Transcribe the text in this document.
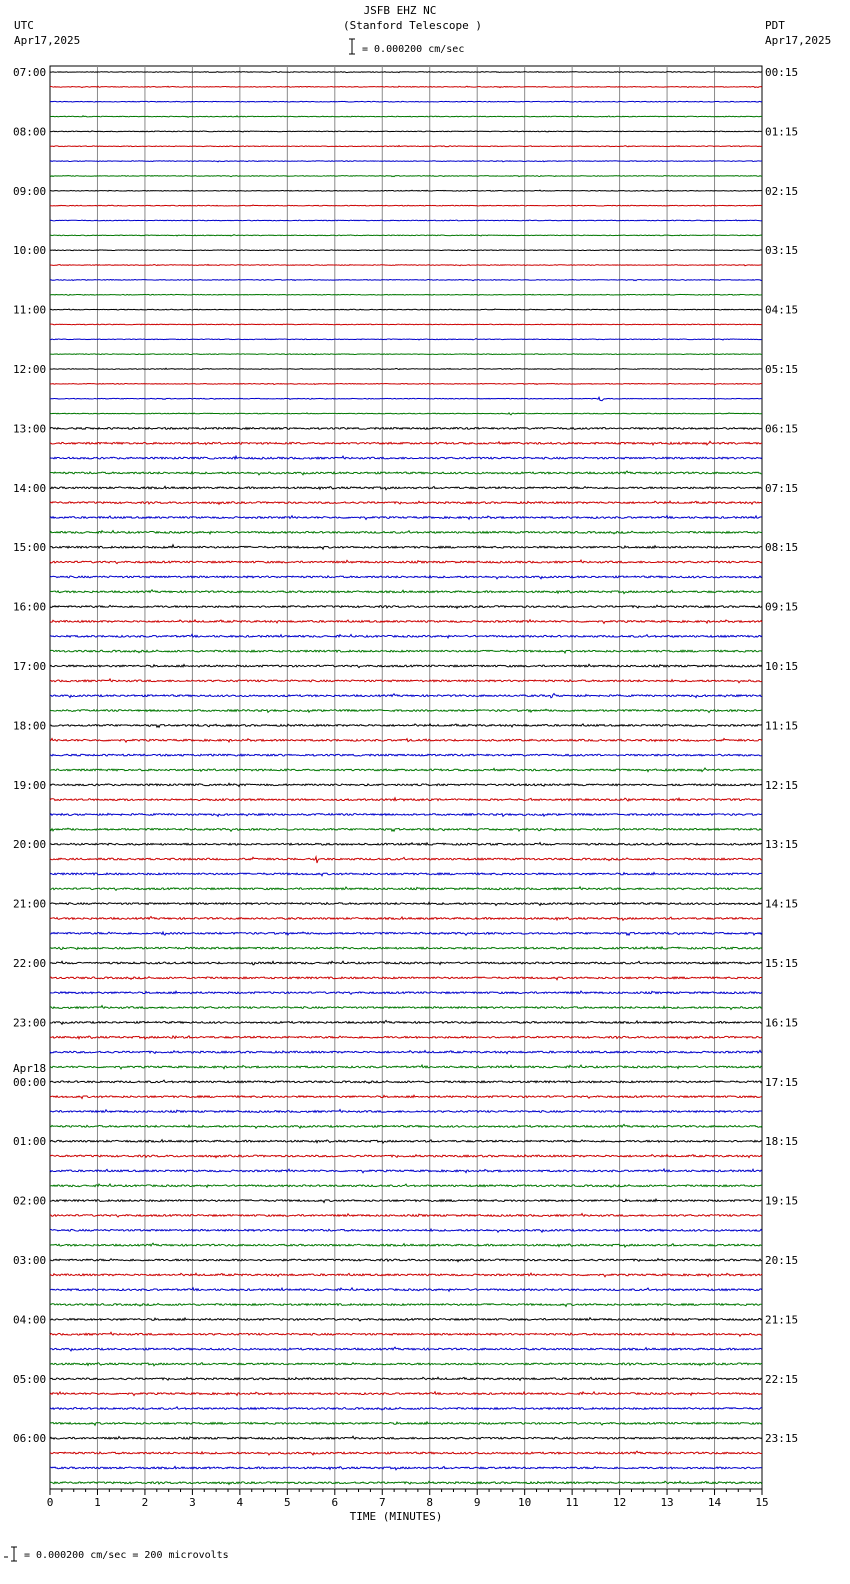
JSFB EHZ NC
(Stanford Telescope )
UTC
Apr17,2025
PDT
Apr17,2025
= 0.000200 cm/sec
0	1	2	3	4	5	6	7	8	9	10	11	12	13	14	15
TIME (MINUTES)
07:00
08:00
09:00
10:00
11:00
12:00
13:00
14:00
15:00
16:00
17:00
18:00
19:00
20:00
21:00
22:00
23:00
Apr18
00:00
01:00
02:00
03:00
04:00
05:00
06:00
00:15
01:15
02:15
03:15
04:15
05:15
06:15
07:15
08:15
09:15
10:15
11:15
12:15
13:15
14:15
15:15
16:15
17:15
18:15
19:15
20:15
21:15
22:15
23:15
= 0.000200 cm/sec = 200 microvolts
